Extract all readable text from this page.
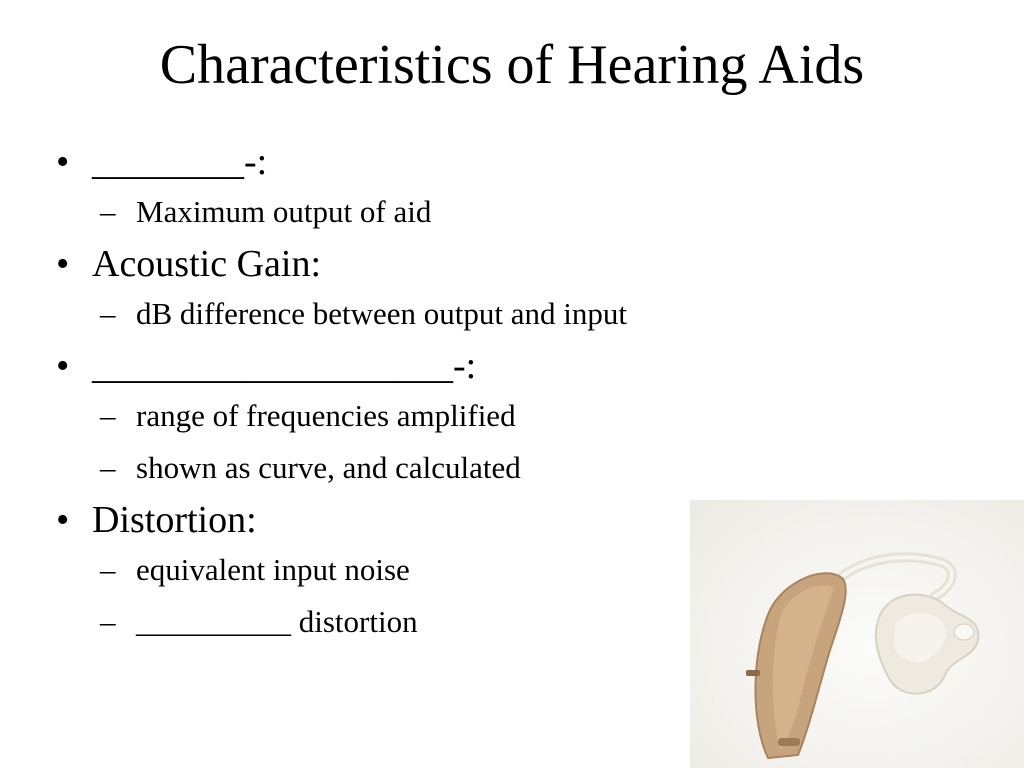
Characteristics of Hearing Aids
• ________-:
– Maximum output of aid
• Acoustic Gain:
– dB difference between output and input
• ___________________-:
– range of frequencies amplified
– shown as curve, and calculated
• Distortion:
– equivalent input noise
– __________ distortion
